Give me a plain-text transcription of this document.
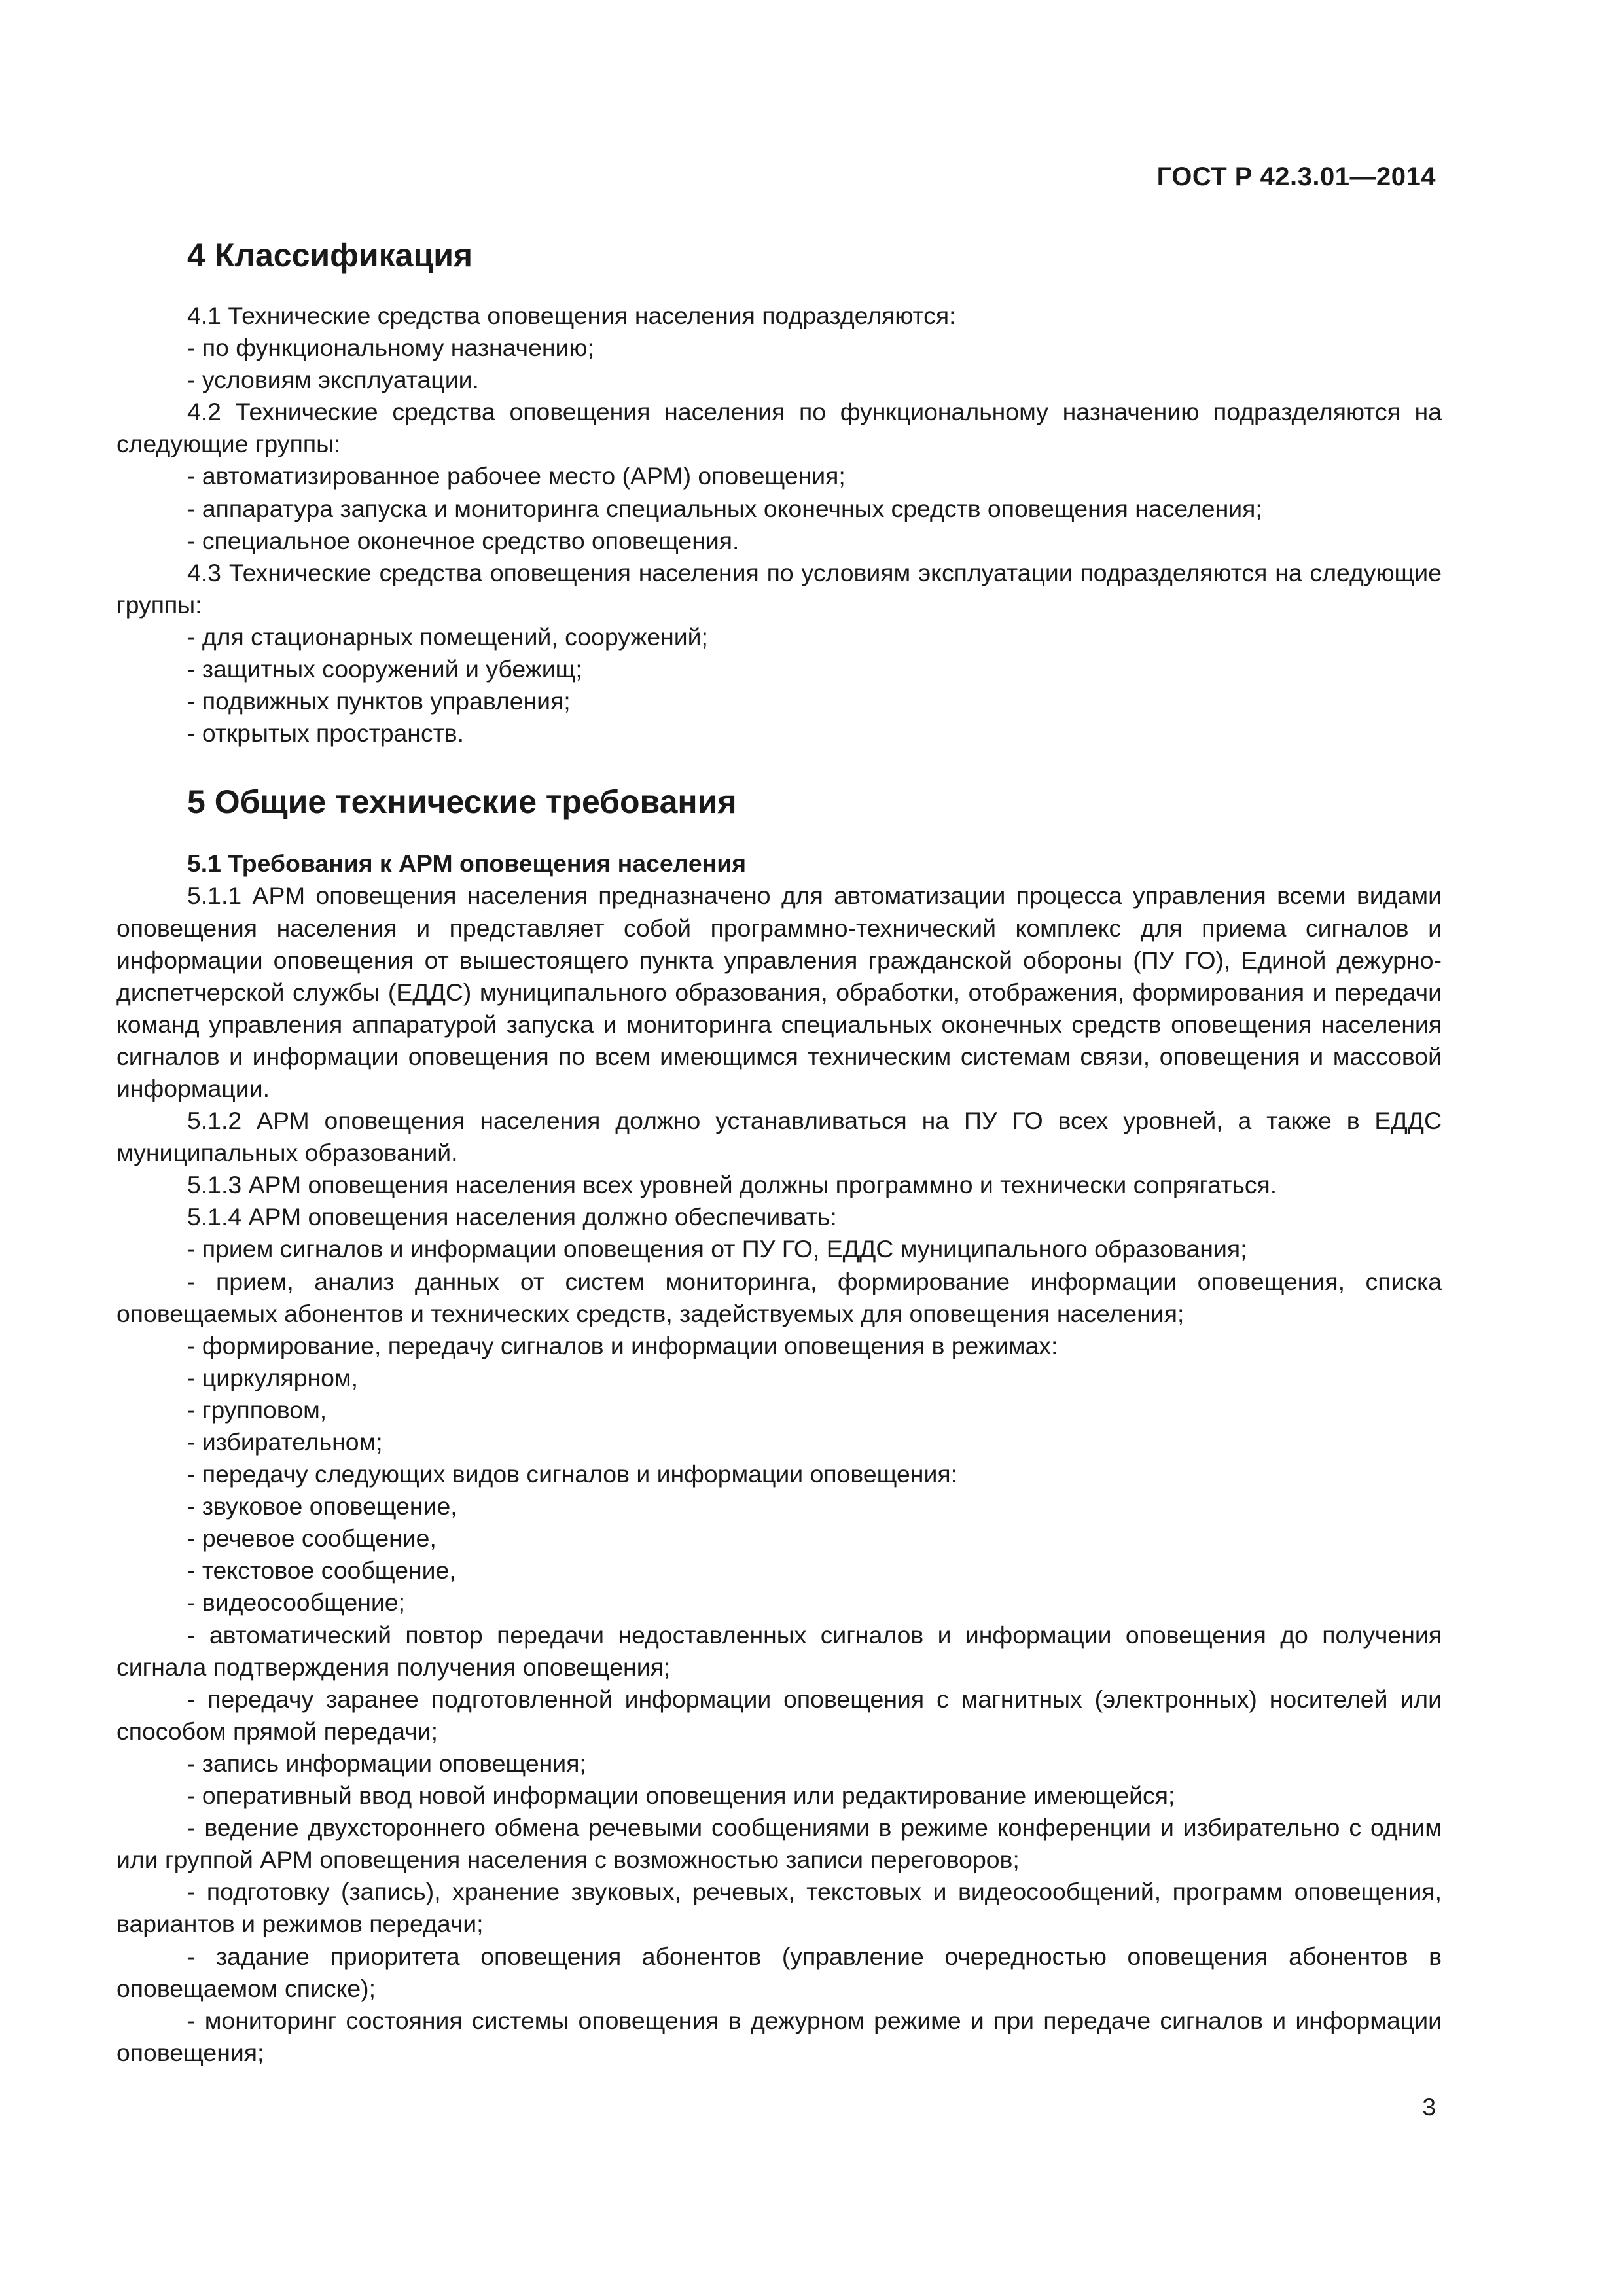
ГОСТ Р 42.3.01—2014
4 Классификация
4.1 Технические средства оповещения населения подразделяются:
- по функциональному назначению;
- условиям эксплуатации.
4.2 Технические средства оповещения населения по функциональному назначению подразделяются на следующие группы:
- автоматизированное рабочее место (АРМ) оповещения;
- аппаратура запуска и мониторинга специальных оконечных средств оповещения населения;
- специальное оконечное средство оповещения.
4.3 Технические средства оповещения населения по условиям эксплуатации подразделяются на следующие группы:
- для стационарных помещений, сооружений;
- защитных сооружений и убежищ;
- подвижных пунктов управления;
- открытых пространств.
5 Общие технические требования
5.1 Требования к АРМ оповещения населения
5.1.1 АРМ оповещения населения предназначено для автоматизации процесса управления всеми видами оповещения населения и представляет собой программно-технический комплекс для приема сигналов и информации оповещения от вышестоящего пункта управления гражданской обороны (ПУ ГО), Единой дежурно-диспетчерской службы (ЕДДС) муниципального образования, обработки, отображения, формирования и передачи команд управления аппаратурой запуска и мониторинга специальных оконечных средств оповещения населения сигналов и информации оповещения по всем имеющимся техническим системам связи, оповещения и массовой информации.
5.1.2 АРМ оповещения населения должно устанавливаться на ПУ ГО всех уровней, а также в ЕДДС муниципальных образований.
5.1.3 АРМ оповещения населения всех уровней должны программно и технически сопрягаться.
5.1.4 АРМ оповещения населения должно обеспечивать:
- прием сигналов и информации оповещения от ПУ ГО, ЕДДС муниципального образования;
- прием, анализ данных от систем мониторинга, формирование информации оповещения, списка оповещаемых абонентов и технических средств, задействуемых для оповещения населения;
- формирование, передачу сигналов и информации оповещения в режимах:
- циркулярном,
- групповом,
- избирательном;
- передачу следующих видов сигналов и информации оповещения:
- звуковое оповещение,
- речевое сообщение,
- текстовое сообщение,
- видеосообщение;
- автоматический повтор передачи недоставленных сигналов и информации оповещения до получения сигнала подтверждения получения оповещения;
- передачу заранее подготовленной информации оповещения с магнитных (электронных) носителей или способом прямой передачи;
- запись информации оповещения;
- оперативный ввод новой информации оповещения или редактирование имеющейся;
- ведение двухстороннего обмена речевыми сообщениями в режиме конференции и избирательно с одним или группой АРМ оповещения населения с возможностью записи переговоров;
- подготовку (запись), хранение звуковых, речевых, текстовых и видеосообщений, программ оповещения, вариантов и режимов передачи;
- задание приоритета оповещения абонентов (управление очередностью оповещения абонентов в оповещаемом списке);
- мониторинг состояния системы оповещения в дежурном режиме и при передаче сигналов и информации оповещения;
3
